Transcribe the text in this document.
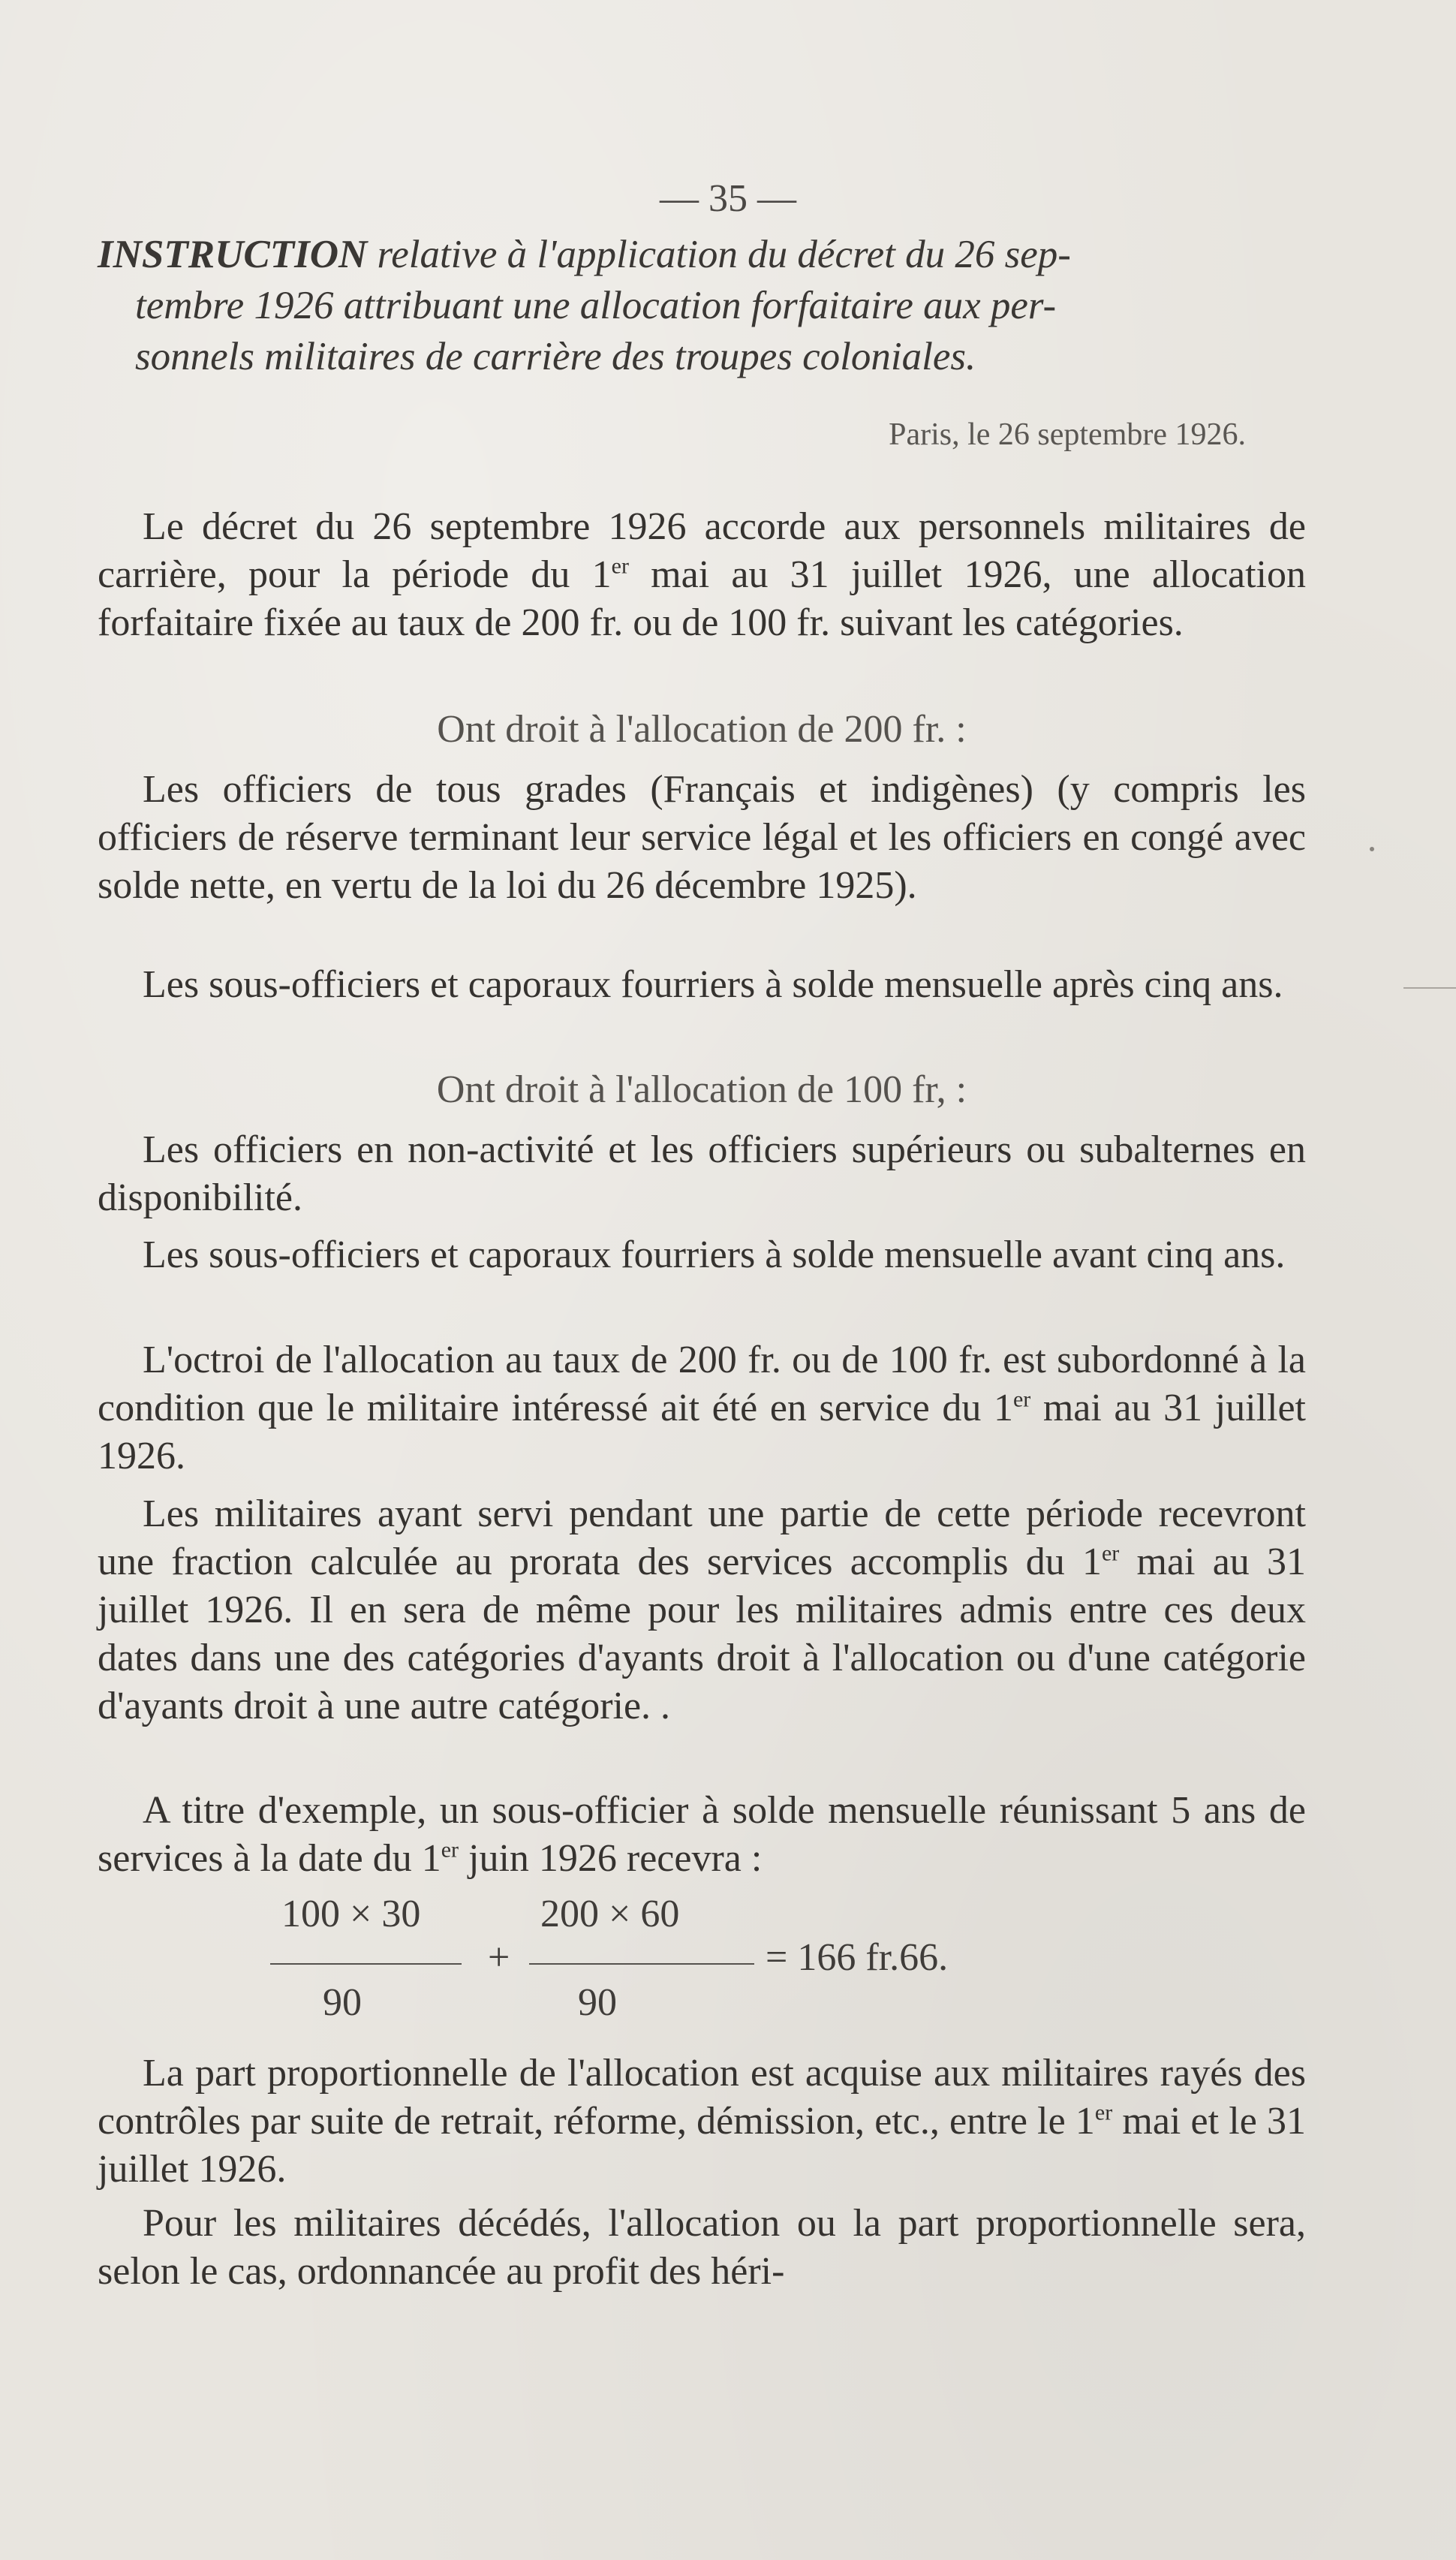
— 35 —
INSTRUCTION relative à l'application du décret du 26 sep-
tembre 1926 attribuant une allocation forfaitaire aux per-
sonnels militaires de carrière des troupes coloniales.
Paris, le 26 septembre 1926.

Le décret du 26 septembre 1926 accorde aux personnels militaires de carrière, pour la période du 1er mai au 31 juillet 1926, une allocation forfaitaire fixée au taux de 200 fr. ou de 100 fr. suivant les catégories.

Ont droit à l'allocation de 200 fr. :

Les officiers de tous grades (Français et indigènes) (y compris les officiers de réserve terminant leur service légal et les officiers en congé avec solde nette, en vertu de la loi du 26 décembre 1925).

Les sous-officiers et caporaux fourriers à solde mensuelle après cinq ans.

Ont droit à l'allocation de 100 fr, :

Les officiers en non-activité et les officiers supérieurs ou subalternes en disponibilité.

Les sous-officiers et caporaux fourriers à solde mensuelle avant cinq ans.

L'octroi de l'allocation au taux de 200 fr. ou de 100 fr. est subordonné à la condition que le militaire intéressé ait été en service du 1er mai au 31 juillet 1926.

Les militaires ayant servi pendant une partie de cette période recevront une fraction calculée au prorata des services accomplis du 1er mai au 31 juillet 1926. Il en sera de même pour les militaires admis entre ces deux dates dans une des catégories d'ayants droit à l'allocation ou d'une catégorie d'ayants droit à une autre catégorie. .

A titre d'exemple, un sous-officier à solde mensuelle réunissant 5 ans de services à la date du 1er juin 1926 recevra :

100 × 30	200 × 60
+	= 166 fr.66.
90	90

La part proportionnelle de l'allocation est acquise aux militaires rayés des contrôles par suite de retrait, réforme, démission, etc., entre le 1er mai et le 31 juillet 1926.

Pour les militaires décédés, l'allocation ou la part proportionnelle sera, selon le cas, ordonnancée au profit des héri-
